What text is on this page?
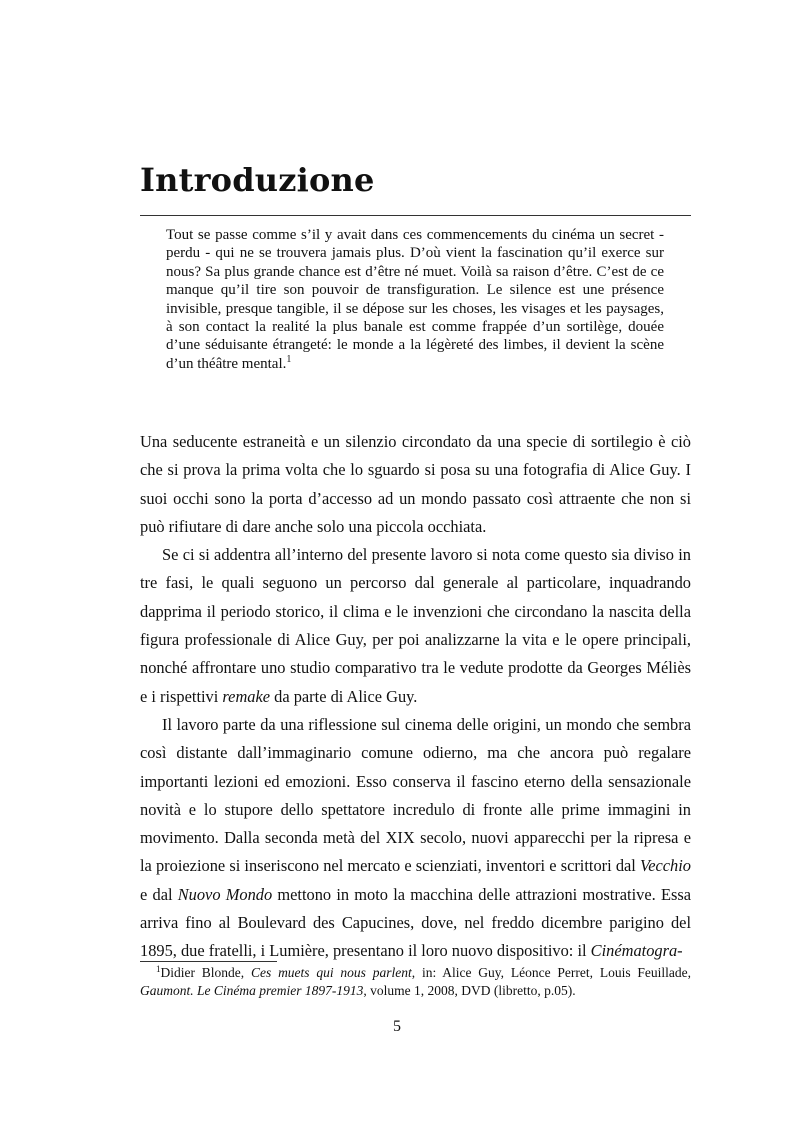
Introduzione

Tout se passe comme s’il y avait dans ces commencements du cinéma un secret - perdu - qui ne se trouvera jamais plus. D’où vient la fascination qu’il exerce sur nous? Sa plus grande chance est d’être né muet. Voilà sa raison d’être. C’est de ce manque qu’il tire son pouvoir de transfiguration. Le silence est une présence invisible, presque tangible, il se dépose sur les choses, les visages et les paysages, à son contact la realité la plus banale est comme frappée d’un sortilège, douée d’une séduisante étrangeté: le monde a la légèreté des limbes, il devient la scène d’un théâtre mental.$^1$

Una seducente estraneità e un silenzio circondato da una specie di sortilegio è ciò che si prova la prima volta che lo sguardo si posa su una fotografia di Alice Guy. I suoi occhi sono la porta d’accesso ad un mondo passato così attraente che non si può rifiutare di dare anche solo una piccola occhiata.

Se ci si addentra all’interno del presente lavoro si nota come questo sia diviso in tre fasi, le quali seguono un percorso dal generale al particolare, inquadrando dapprima il periodo storico, il clima e le invenzioni che circondano la nascita della figura professionale di Alice Guy, per poi analizzarne la vita e le opere principali, nonché affrontare uno studio comparativo tra le vedute prodotte da Georges Méliès e i rispettivi remake da parte di Alice Guy.

Il lavoro parte da una riflessione sul cinema delle origini, un mondo che sembra così distante dall’immaginario comune odierno, ma che ancora può regalare importanti lezioni ed emozioni. Esso conserva il fascino eterno della sensazionale novità e lo stupore dello spettatore incredulo di fronte alle prime immagini in movimento. Dalla seconda metà del XIX secolo, nuovi apparecchi per la ripresa e la proiezione si inseriscono nel mercato e scienziati, inventori e scrittori dal Vecchio e dal Nuovo Mondo mettono in moto la macchina delle attrazioni mostrative. Essa arriva fino al Boulevard des Capucines, dove, nel freddo dicembre parigino del 1895, due fratelli, i Lumière, presentano il loro nuovo dispositivo: il Cinématogra-

$^1$Didier Blonde, Ces muets qui nous parlent, in: Alice Guy, Léonce Perret, Louis Feuillade, Gaumont. Le Cinéma premier 1897-1913, volume 1, 2008, DVD (libretto, p.05).
5
